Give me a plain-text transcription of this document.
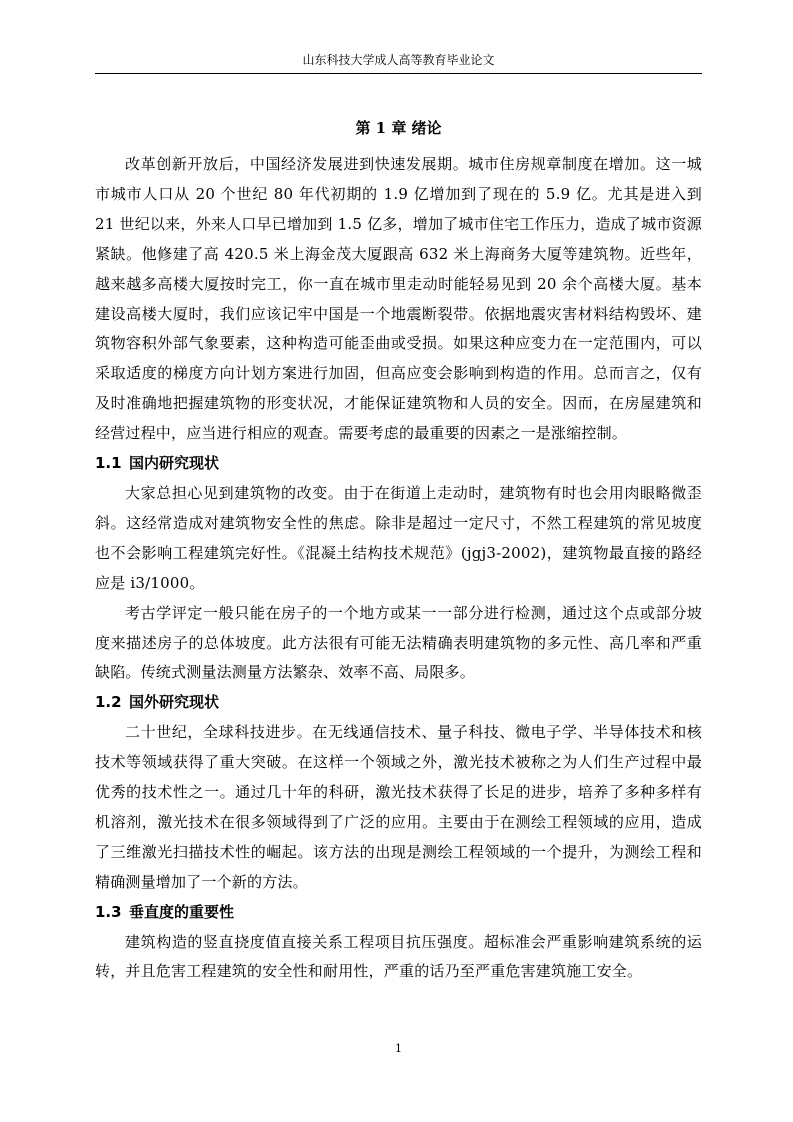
山东科技大学成人高等教育毕业论文
第 1 章 绪论

改革创新开放后，中国经济发展进到快速发展期。城市住房规章制度在增加。这一城市城市人口从 20 个世纪 80 年代初期的 1.9 亿增加到了现在的 5.9 亿。尤其是进入到 21 世纪以来，外来人口早已增加到 1.5 亿多，增加了城市住宅工作压力，造成了城市资源紧缺。他修建了高 420.5 米上海金茂大厦跟高 632 米上海商务大厦等建筑物。近些年，越来越多高楼大厦按时完工，你一直在城市里走动时能轻易见到 20 余个高楼大厦。基本建设高楼大厦时，我们应该记牢中国是一个地震断裂带。依据地震灾害材料结构毁坏、建筑物容积外部气象要素，这种构造可能歪曲或受损。如果这种应变力在一定范围内，可以采取适度的梯度方向计划方案进行加固，但高应变会影响到构造的作用。总而言之，仅有及时准确地把握建筑物的形变状况，才能保证建筑物和人员的安全。因而，在房屋建筑和经营过程中，应当进行相应的观查。需要考虑的最重要的因素之一是涨缩控制。

1.1 国内研究现状

大家总担心见到建筑物的改变。由于在街道上走动时，建筑物有时也会用肉眼略微歪斜。这经常造成对建筑物安全性的焦虑。除非是超过一定尺寸，不然工程建筑的常见坡度也不会影响工程建筑完好性。《混凝土结构技术规范》(jgj3-2002)，建筑物最直接的路经应是 i3/1000。

考古学评定一般只能在房子的一个地方或某一一部分进行检测，通过这个点或部分坡度来描述房子的总体坡度。此方法很有可能无法精确表明建筑物的多元性、高几率和严重缺陷。传统式测量法测量方法繁杂、效率不高、局限多。

1.2 国外研究现状

二十世纪，全球科技进步。在无线通信技术、量子科技、微电子学、半导体技术和核技术等领域获得了重大突破。在这样一个领域之外，激光技术被称之为人们生产过程中最优秀的技术性之一。通过几十年的科研，激光技术获得了长足的进步，培养了多种多样有机溶剂，激光技术在很多领域得到了广泛的应用。主要由于在测绘工程领域的应用，造成了三维激光扫描技术性的崛起。该方法的出现是测绘工程领域的一个提升，为测绘工程和精确测量增加了一个新的方法。

1.3 垂直度的重要性

建筑构造的竖直挠度值直接关系工程项目抗压强度。超标准会严重影响建筑系统的运转，并且危害工程建筑的安全性和耐用性，严重的话乃至严重危害建筑施工安全。

1
